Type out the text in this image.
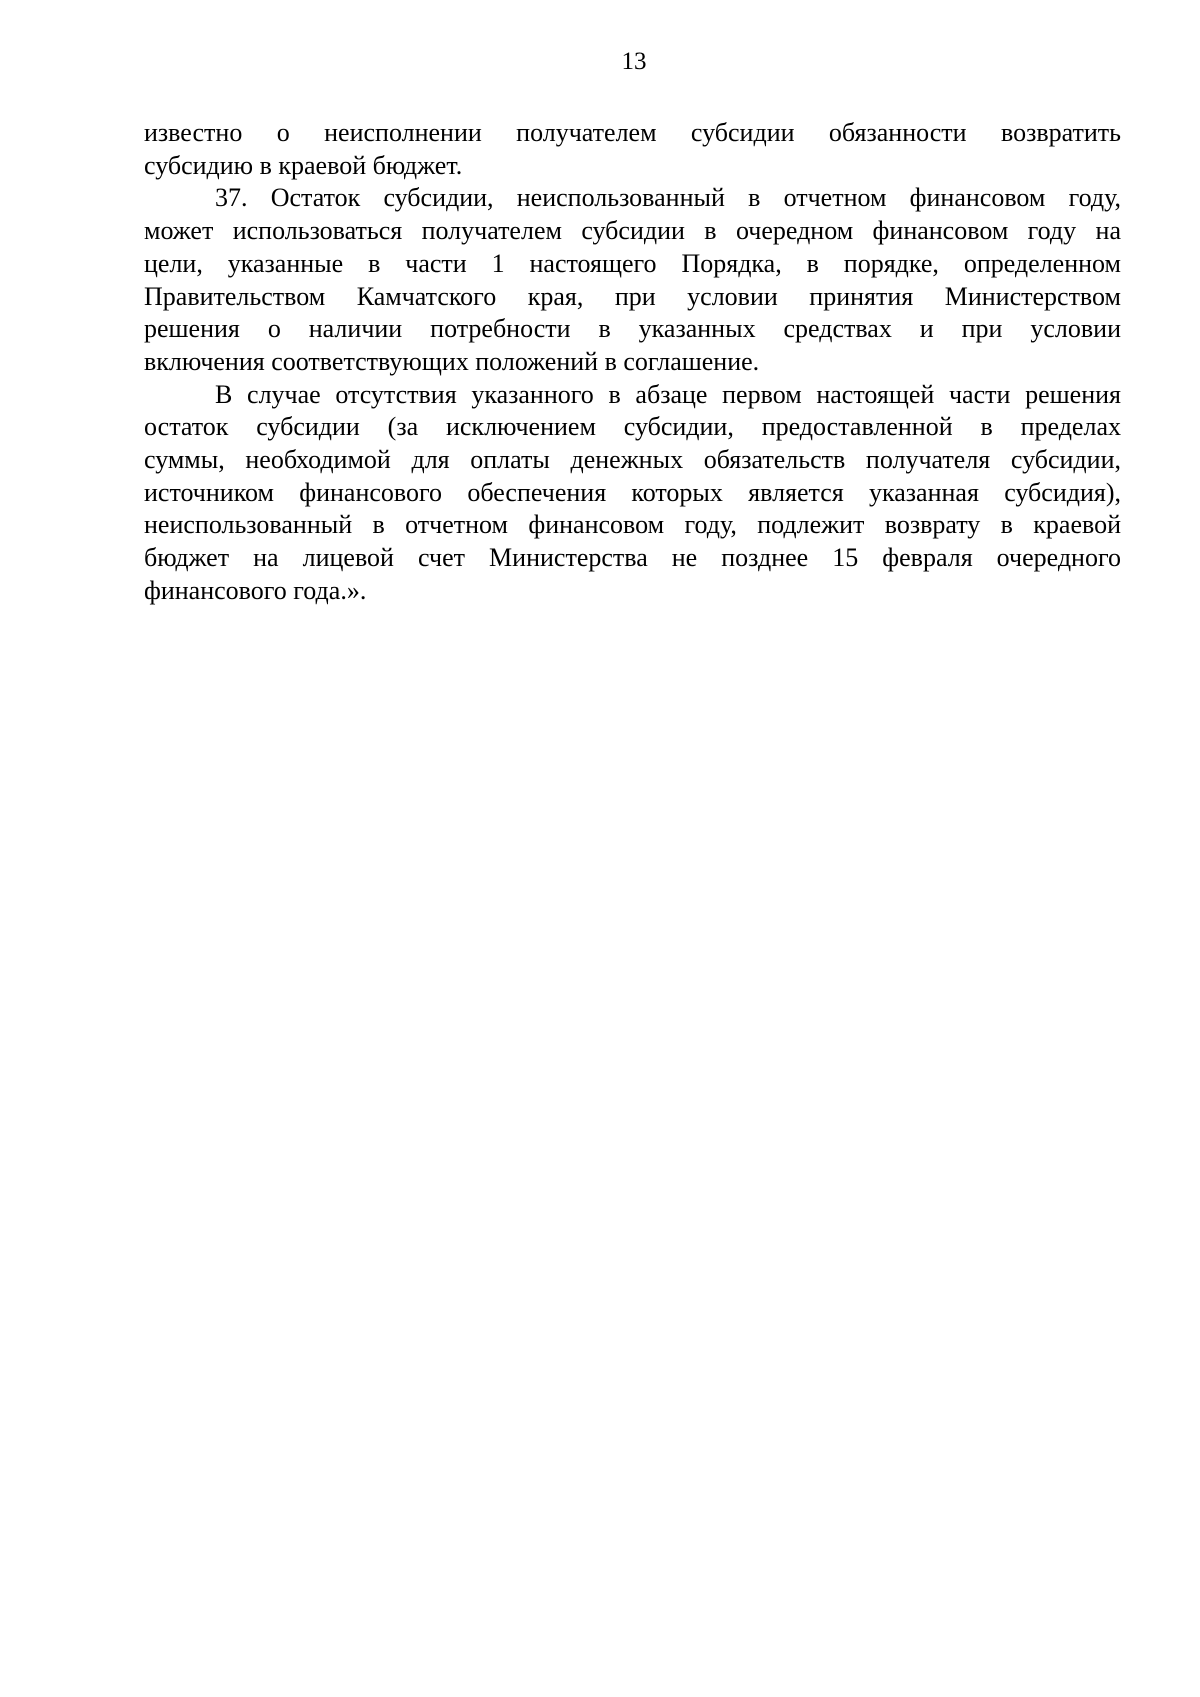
13

известно о неисполнении получателем субсидии обязанности возвратить
субсидию в краевой бюджет.

37. Остаток субсидии, неиспользованный в отчетном финансовом году,
может использоваться получателем субсидии в очередном финансовом году на
цели, указанные в части 1 настоящего Порядка, в порядке, определенном
Правительством Камчатского края, при условии принятия Министерством
решения о наличии потребности в указанных средствах и при условии
включения соответствующих положений в соглашение.

В случае отсутствия указанного в абзаце первом настоящей части решения
остаток субсидии (за исключением субсидии, предоставленной в пределах
суммы, необходимой для оплаты денежных обязательств получателя субсидии,
источником финансового обеспечения которых является указанная субсидия),
неиспользованный в отчетном финансовом году, подлежит возврату в краевой
бюджет на лицевой счет Министерства не позднее 15 февраля очередного
финансового года.».
